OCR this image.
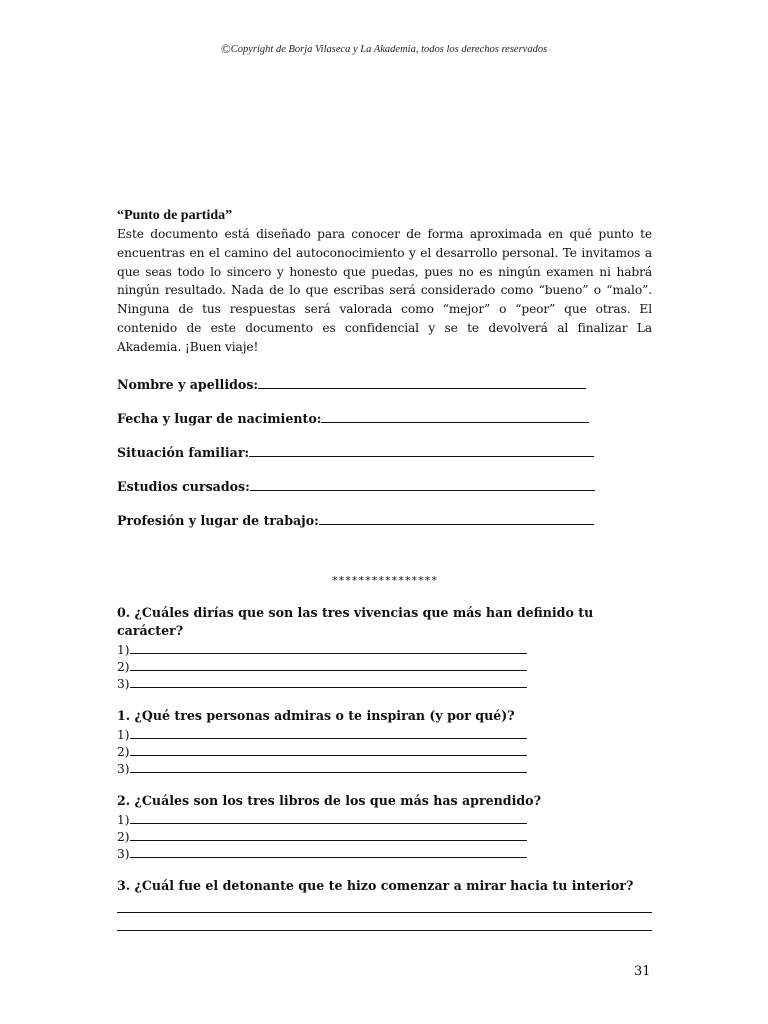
©Copyright de Borja Vilaseca y La Akademia, todos los derechos reservados
“Punto de partida”

Este documento está diseñado para conocer de forma aproximada en qué punto te encuentras en el camino del autoconocimiento y el desarrollo personal. Te invitamos a que seas todo lo sincero y honesto que puedas, pues no es ningún examen ni habrá ningún resultado. Nada de lo que escribas será considerado como “bueno” o “malo”. Ninguna de tus respuestas será valorada como “mejor” o “peor” que otras. El contenido de este documento es confidencial y se te devolverá al finalizar La Akademia. ¡Buen viaje!

Nombre y apellidos:
Fecha y lugar de nacimiento:
Situación familiar:
Estudios cursados:
Profesión y lugar de trabajo:
****************
0. ¿Cuáles dirías que son las tres vivencias que más han definido tu carácter?
1)
2)
3)
1. ¿Qué tres personas admiras o te inspiran (y por qué)?
1)
2)
3)
2. ¿Cuáles son los tres libros de los que más has aprendido?
1)
2)
3)
3. ¿Cuál fue el detonante que te hizo comenzar a mirar hacia tu interior?
31
